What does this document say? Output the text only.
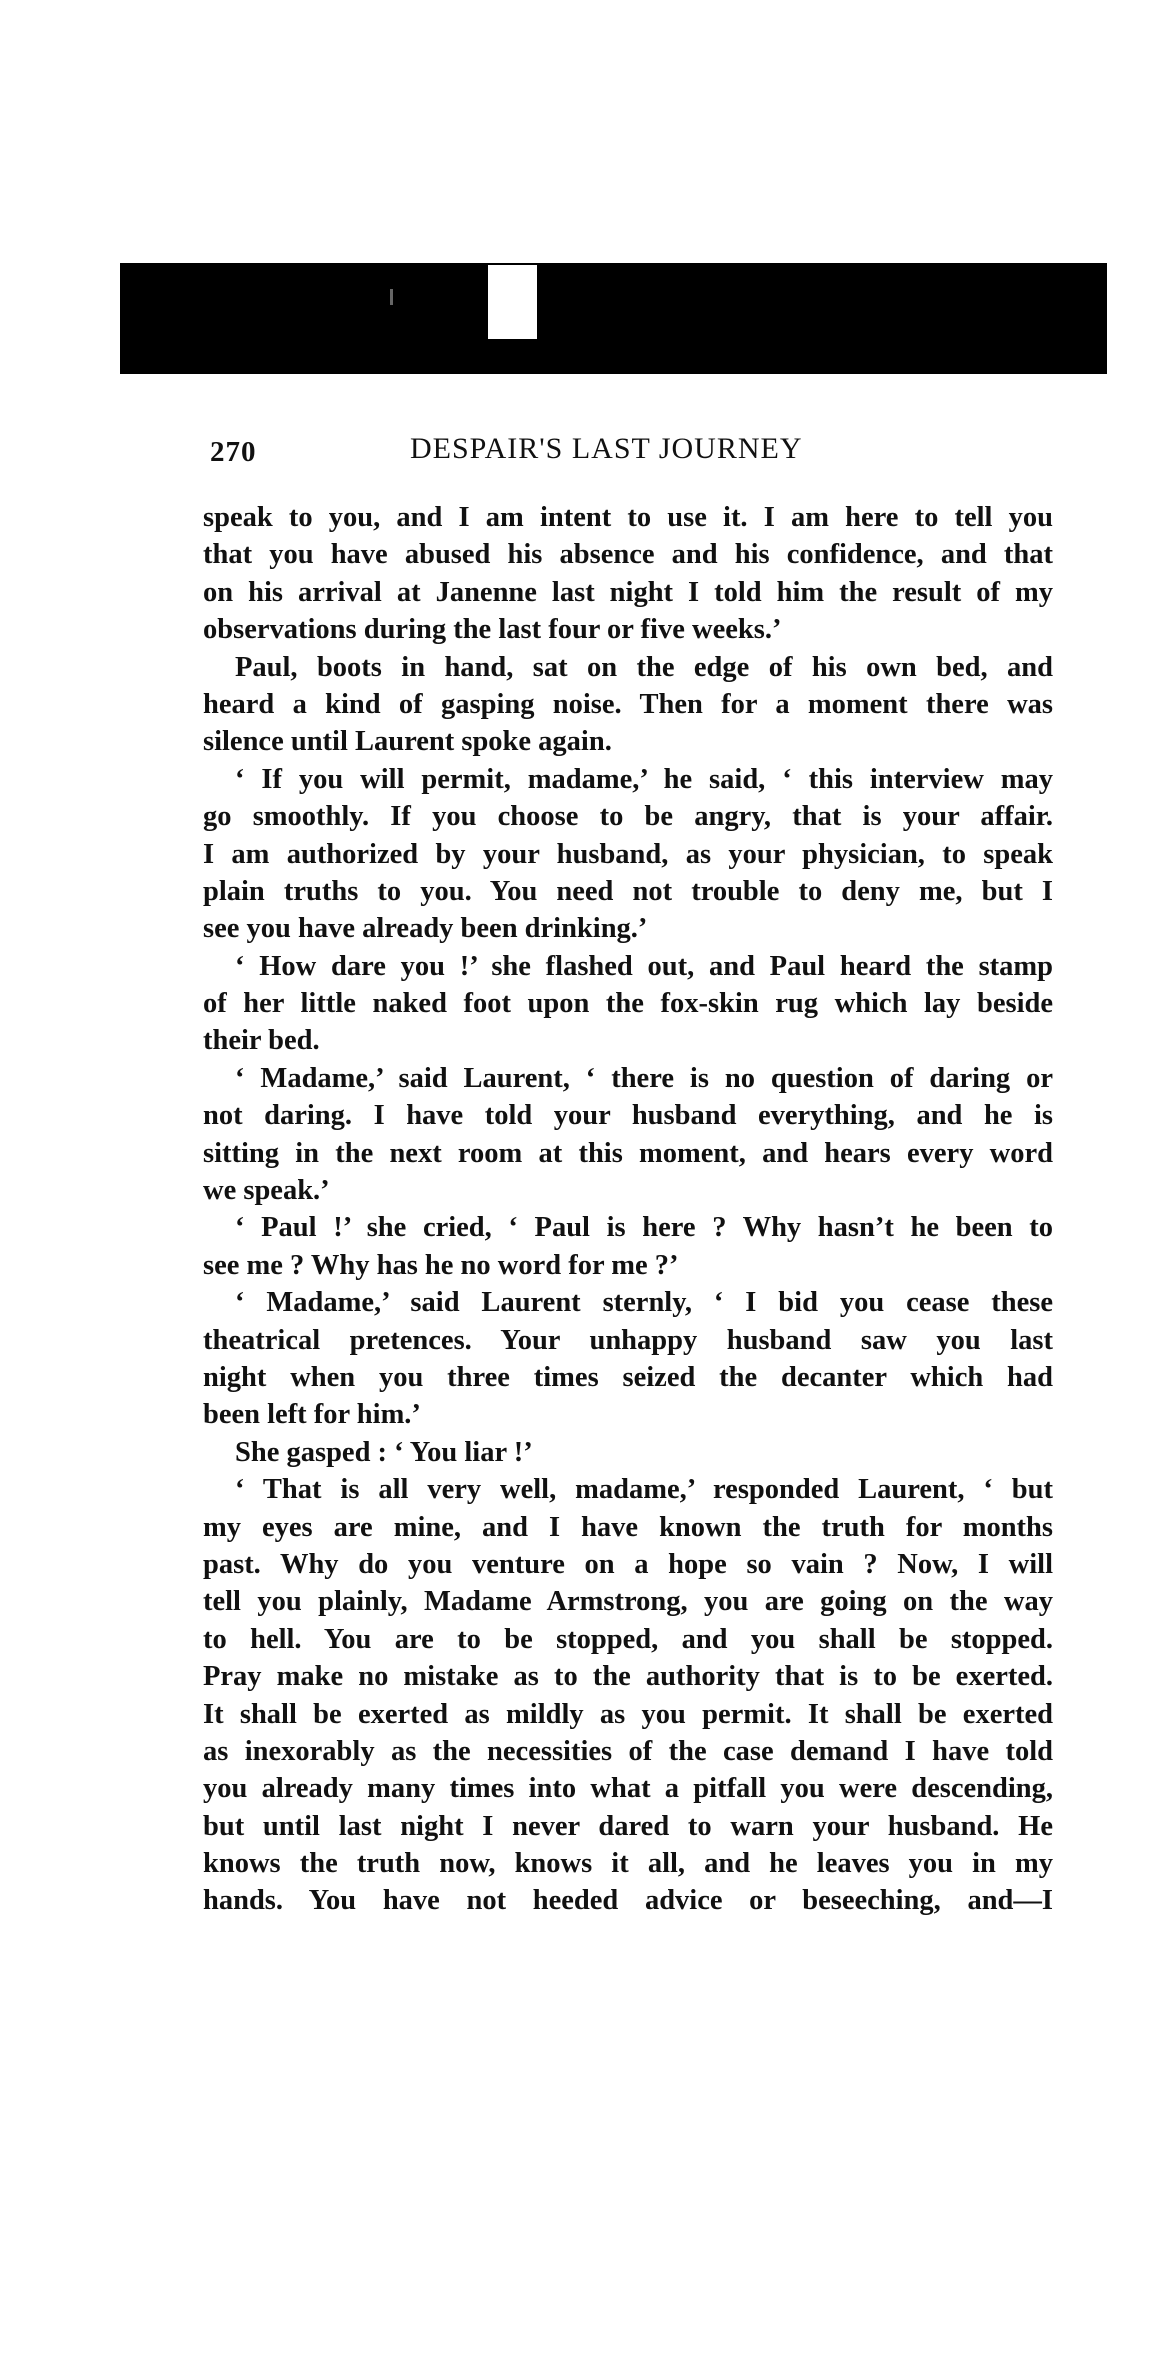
270	DESPAIR'S LAST JOURNEY
speak to you, and I am intent to use it. I am here to tell you
that you have abused his absence and his confidence, and that
on his arrival at Janenne last night I told him the result of my
observations during the last four or five weeks.’
Paul, boots in hand, sat on the edge of his own bed, and
heard a kind of gasping noise. Then for a moment there was
silence until Laurent spoke again.
‘ If you will permit, madame,’ he said, ‘ this interview may
go smoothly. If you choose to be angry, that is your affair.
I am authorized by your husband, as your physician, to speak
plain truths to you. You need not trouble to deny me, but I
see you have already been drinking.’
‘ How dare you !’ she flashed out, and Paul heard the stamp
of her little naked foot upon the fox-skin rug which lay beside
their bed.
‘ Madame,’ said Laurent, ‘ there is no question of daring or
not daring. I have told your husband everything, and he is
sitting in the next room at this moment, and hears every word
we speak.’
‘ Paul !’ she cried, ‘ Paul is here ? Why hasn’t he been to
see me ? Why has he no word for me ?’
‘ Madame,’ said Laurent sternly, ‘ I bid you cease these
theatrical pretences. Your unhappy husband saw you last
night when you three times seized the decanter which had
been left for him.’
She gasped : ‘ You liar !’
‘ That is all very well, madame,’ responded Laurent, ‘ but
my eyes are mine, and I have known the truth for months
past. Why do you venture on a hope so vain ? Now, I will
tell you plainly, Madame Armstrong, you are going on the way
to hell. You are to be stopped, and you shall be stopped.
Pray make no mistake as to the authority that is to be exerted.
It shall be exerted as mildly as you permit. It shall be exerted
as inexorably as the necessities of the case demand I have told
you already many times into what a pitfall you were descending,
but until last night I never dared to warn your husband. He
knows the truth now, knows it all, and he leaves you in my
hands. You have not heeded advice or beseeching, and—I
